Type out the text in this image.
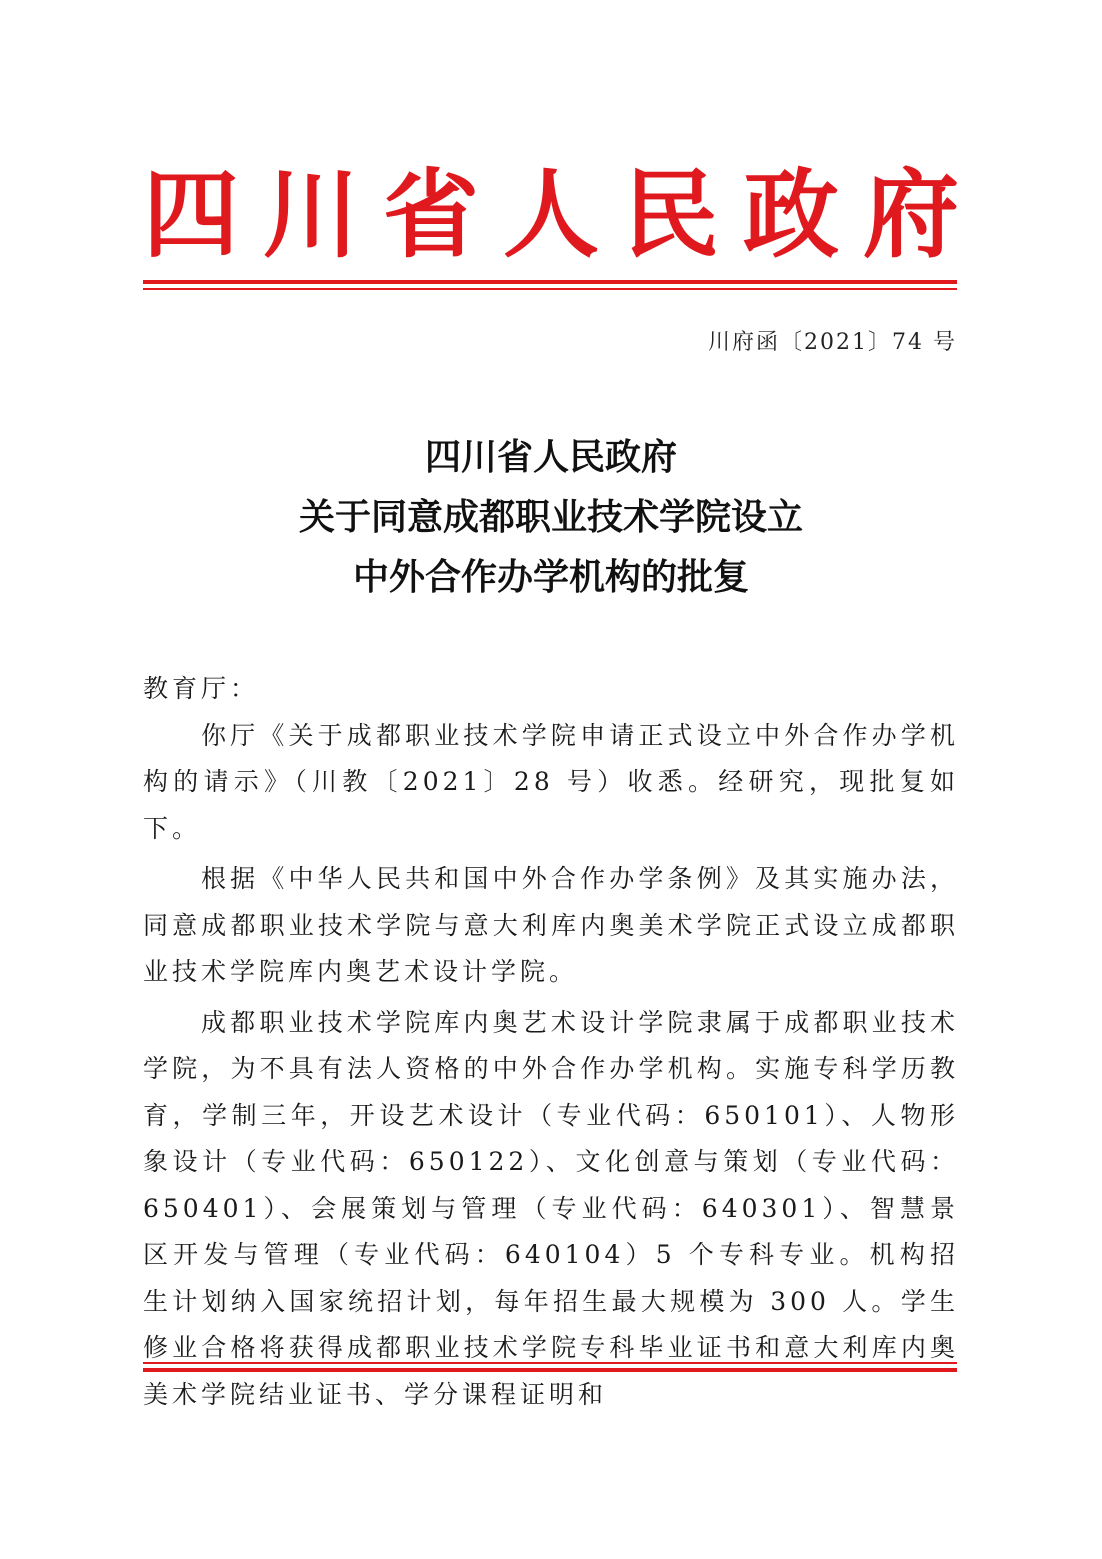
四 川 省 人 民 政 府
川府函〔2021〕74 号
四川省人民政府
关于同意成都职业技术学院设立
中外合作办学机构的批复

教育厅：

你厅《关于成都职业技术学院申请正式设立中外合作办学机构的请示》（川教〔2021〕28 号）收悉。经研究，现批复如下。

根据《中华人民共和国中外合作办学条例》及其实施办法，同意成都职业技术学院与意大利库内奥美术学院正式设立成都职业技术学院库内奥艺术设计学院。

成都职业技术学院库内奥艺术设计学院隶属于成都职业技术学院，为不具有法人资格的中外合作办学机构。实施专科学历教育，学制三年，开设艺术设计（专业代码：650101）、人物形象设计（专业代码：650122）、文化创意与策划（专业代码：650401）、会展策划与管理（专业代码：640301）、智慧景区开发与管理（专业代码：640104）5 个专科专业。机构招生计划纳入国家统招计划，每年招生最大规模为 300 人。学生修业合格将获得成都职业技术学院专科毕业证书和意大利库内奥美术学院结业证书、学分课程证明和
